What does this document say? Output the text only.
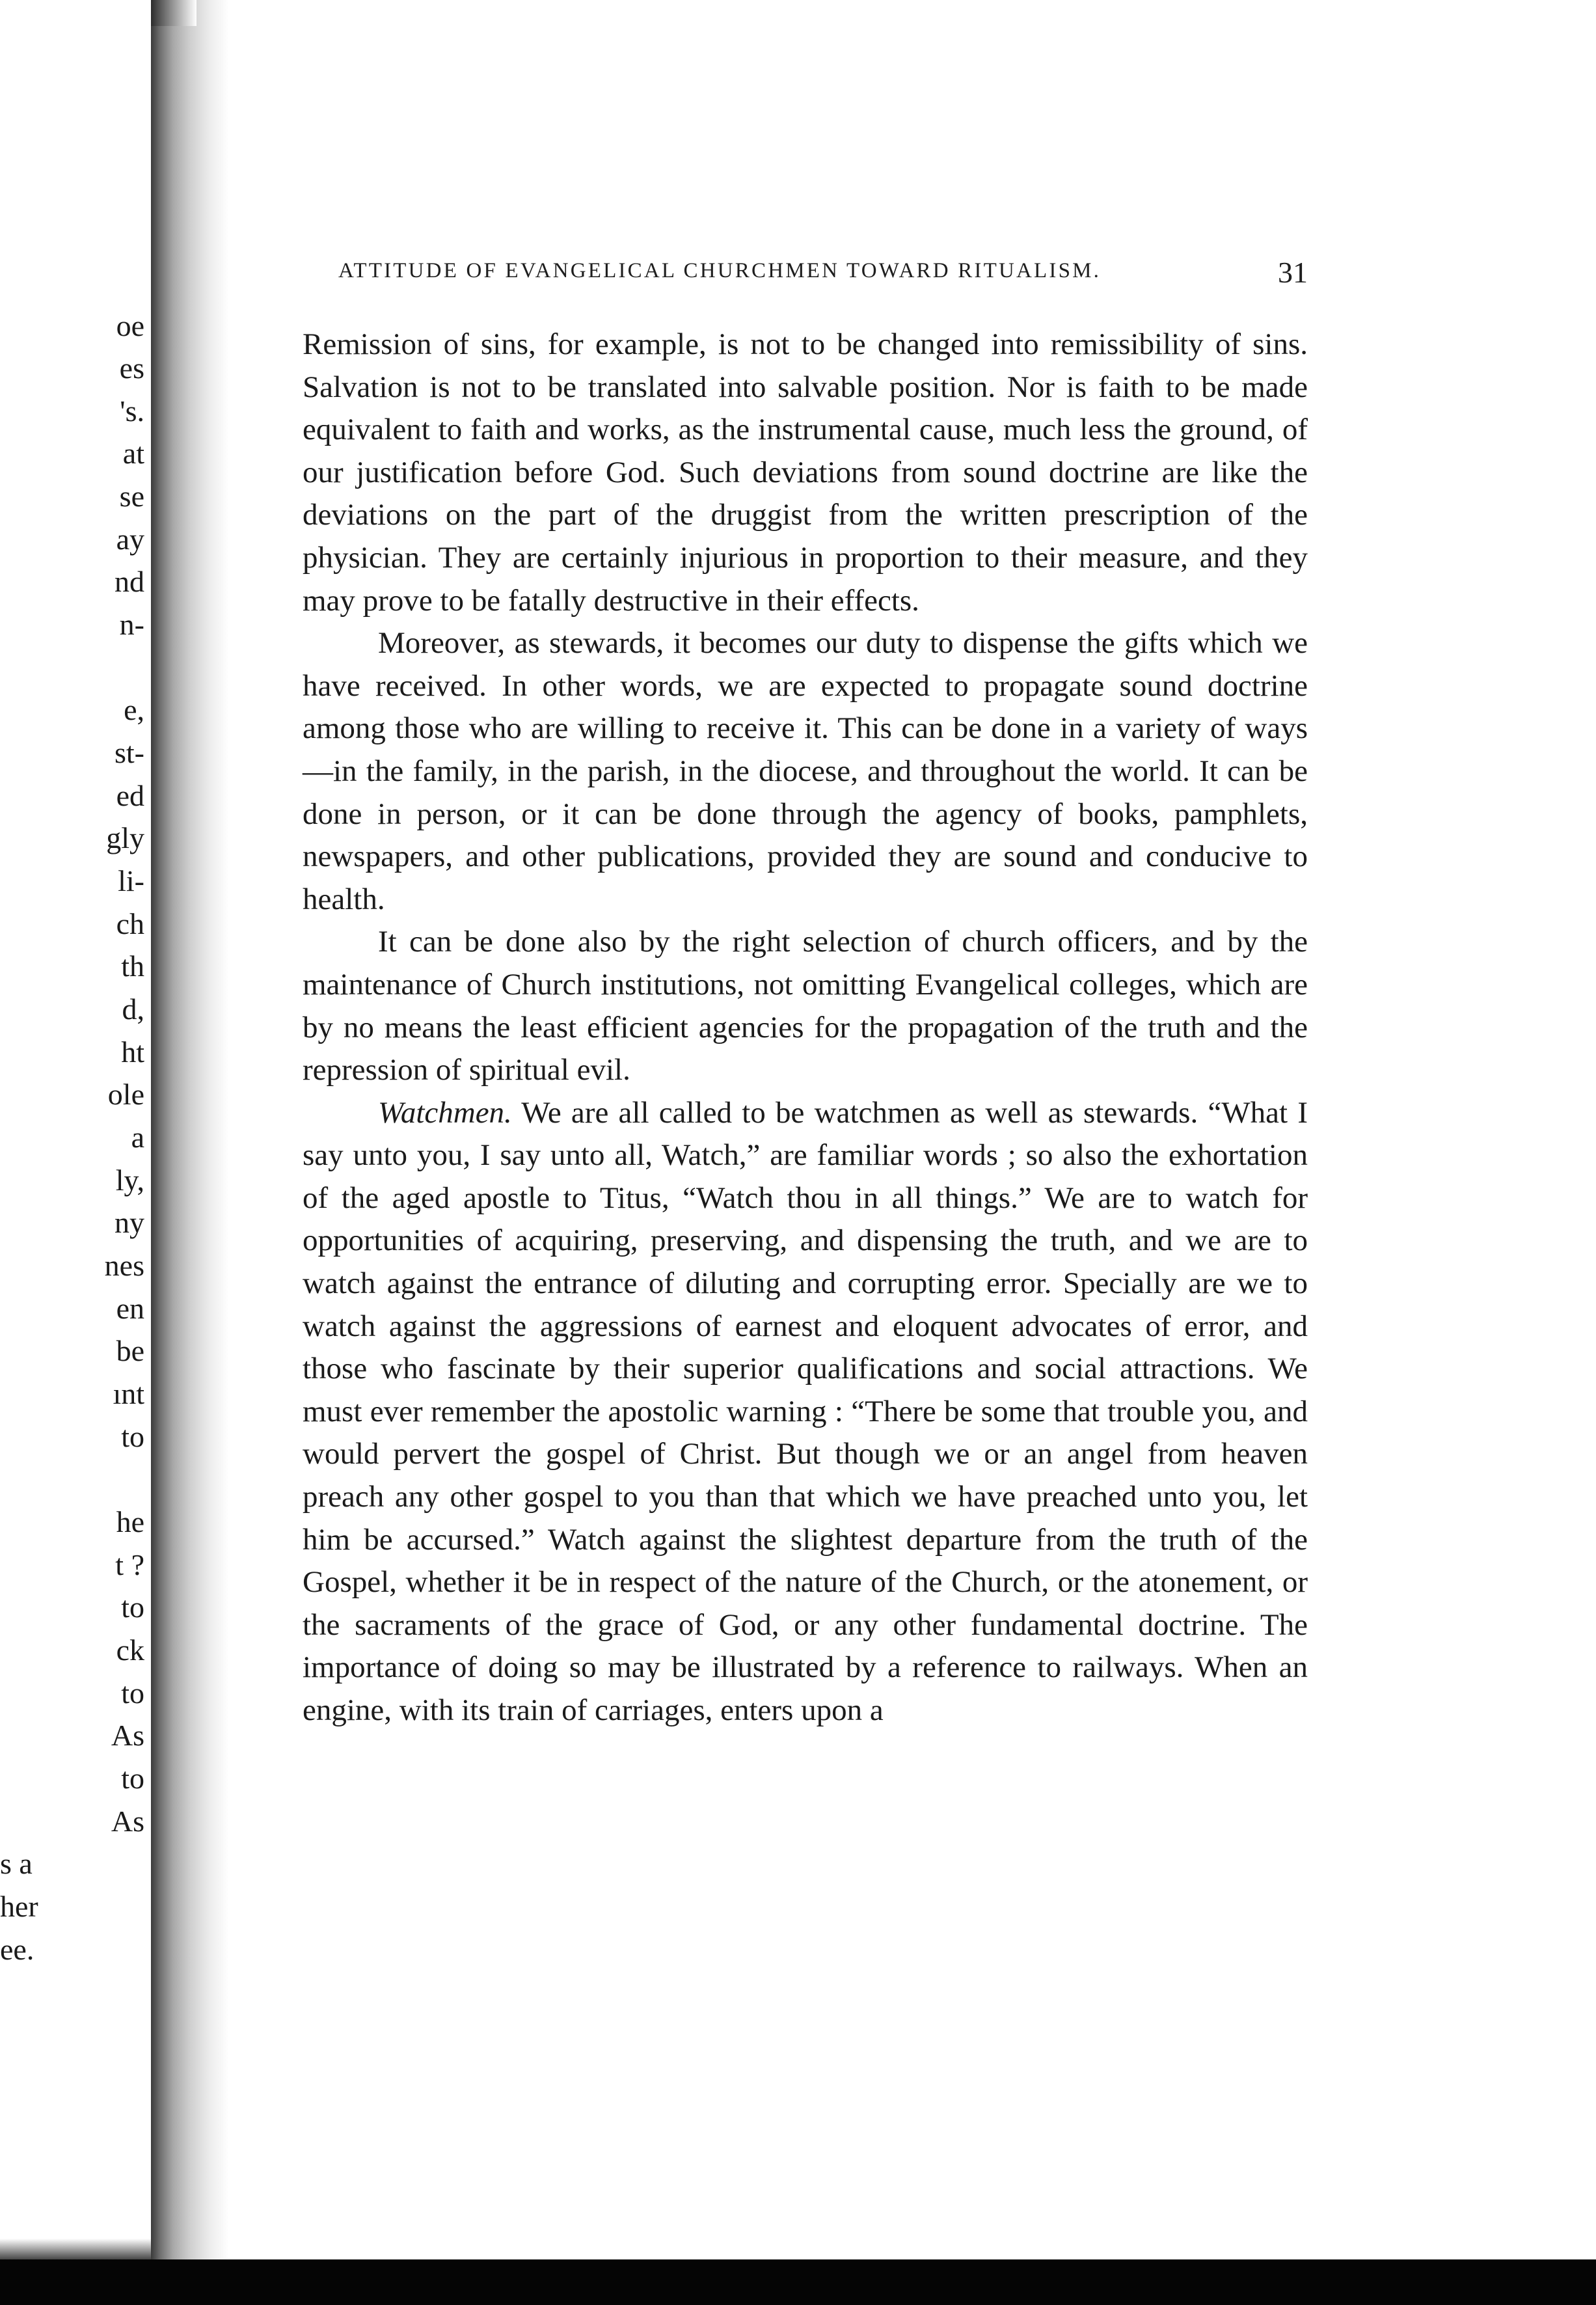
oe
es
's.
at
se
ay
nd
n-
e,
st-
ed
gly
li-
ch
th
d,
ht
ole
a
ly,
ny
nes
en
be
ınt
to
he
t ?
to
ck
to
As
to
As
s a
her
ee.
ATTITUDE OF EVANGELICAL CHURCHMEN TOWARD RITUALISM.	31

Remission of sins, for example, is not to be changed into remissibility of sins. Salvation is not to be translated into salvable position. Nor is faith to be made equivalent to faith and works, as the instrumental cause, much less the ground, of our justification before God. Such deviations from sound doctrine are like the deviations on the part of the druggist from the written prescription of the physician. They are certainly injurious in proportion to their measure, and they may prove to be fatally destructive in their effects.

Moreover, as stewards, it becomes our duty to dispense the gifts which we have received. In other words, we are expected to propagate sound doctrine among those who are willing to receive it. This can be done in a variety of ways—in the family, in the parish, in the diocese, and throughout the world. It can be done in person, or it can be done through the agency of books, pamphlets, newspapers, and other publications, provided they are sound and conducive to health.

It can be done also by the right selection of church officers, and by the maintenance of Church institutions, not omitting Evangelical colleges, which are by no means the least efficient agencies for the propagation of the truth and the repression of spiritual evil.

Watchmen. We are all called to be watchmen as well as stewards. “What I say unto you, I say unto all, Watch,” are familiar words ; so also the exhortation of the aged apostle to Titus, “Watch thou in all things.” We are to watch for opportunities of acquiring, preserving, and dispensing the truth, and we are to watch against the entrance of diluting and corrupting error. Specially are we to watch against the aggressions of earnest and eloquent advocates of error, and those who fascinate by their superior qualifications and social attractions. We must ever remember the apostolic warning : “There be some that trouble you, and would pervert the gospel of Christ. But though we or an angel from heaven preach any other gospel to you than that which we have preached unto you, let him be accursed.” Watch against the slightest departure from the truth of the Gospel, whether it be in respect of the nature of the Church, or the atonement, or the sacraments of the grace of God, or any other fundamental doctrine. The importance of doing so may be illustrated by a reference to railways. When an engine, with its train of carriages, enters upon a
